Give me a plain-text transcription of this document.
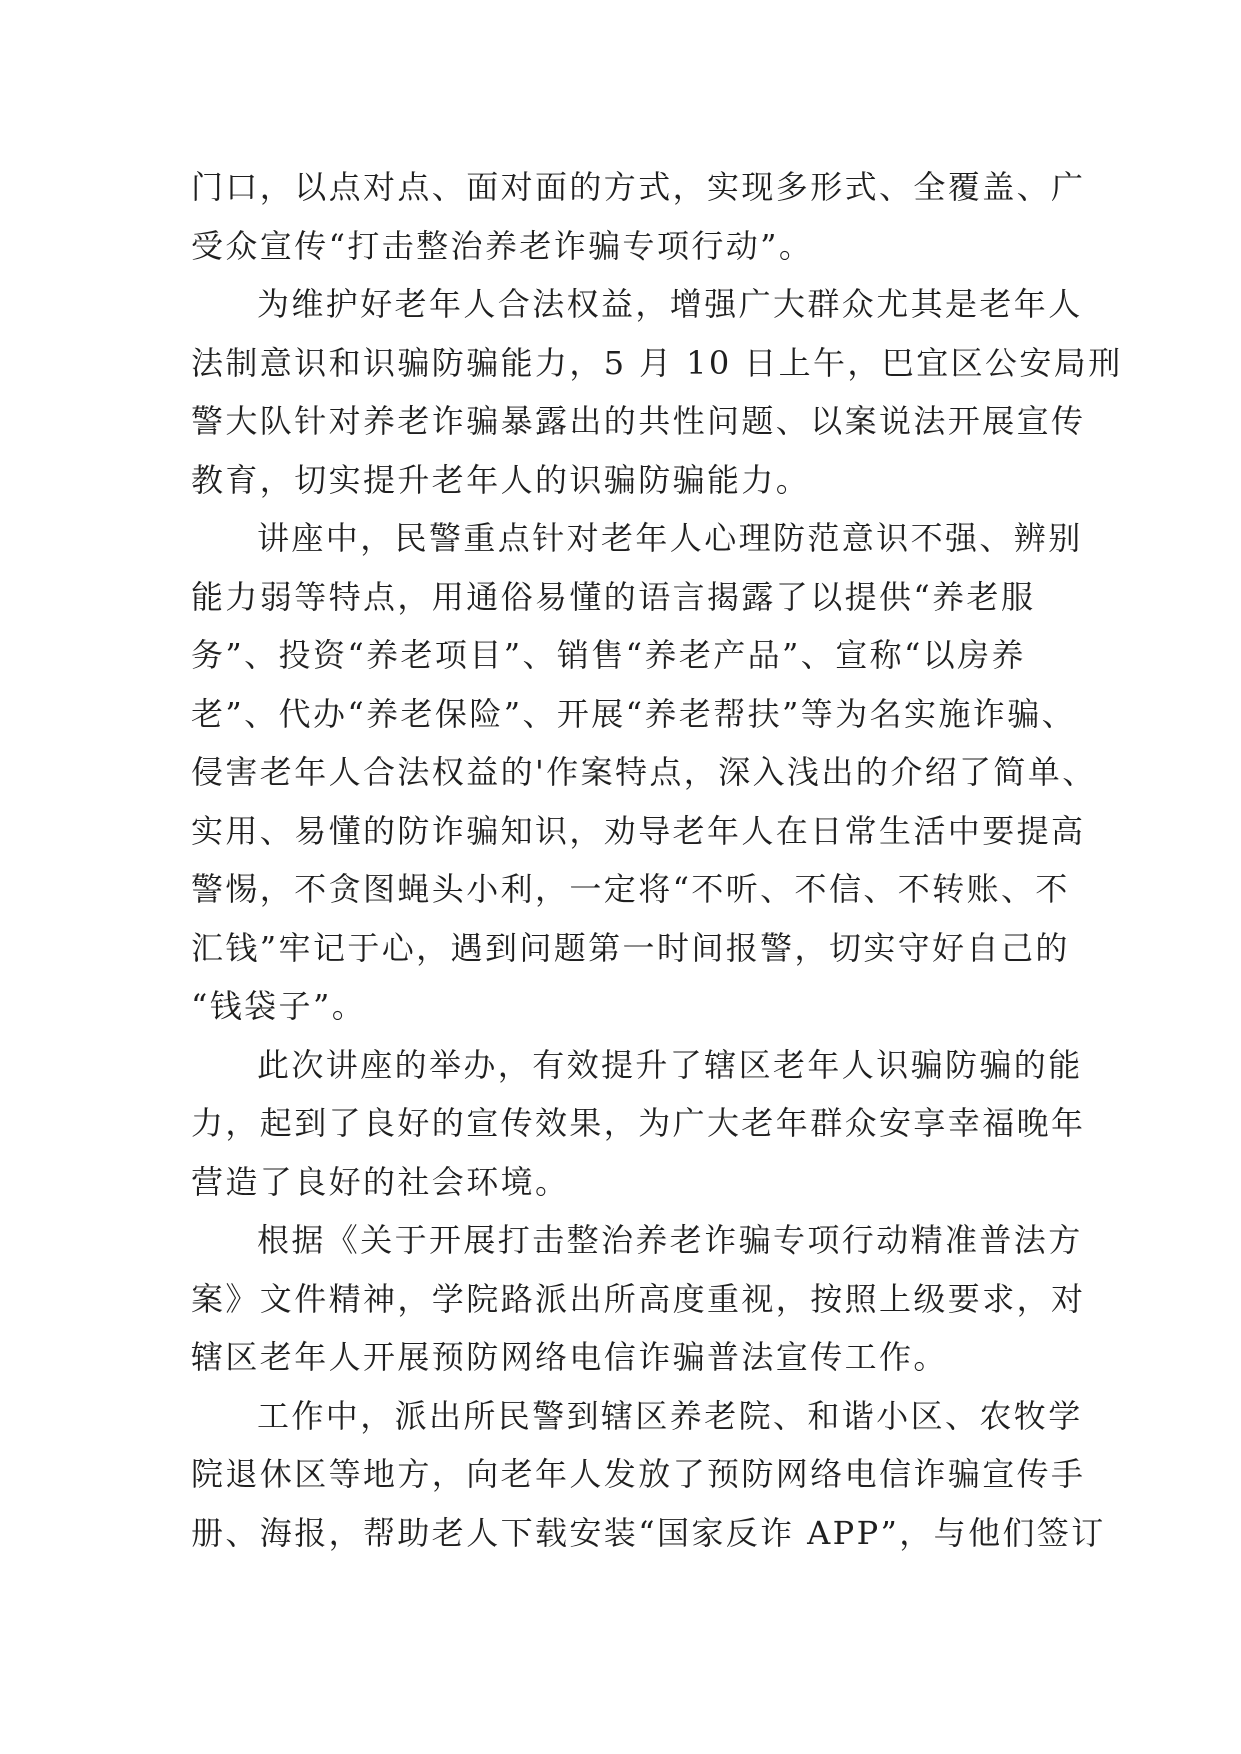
门口，以点对点、面对面的方式，实现多形式、全覆盖、广
受众宣传“打击整治养老诈骗专项行动”。
为维护好老年人合法权益，增强广大群众尤其是老年人
法制意识和识骗防骗能力，5 月 10 日上午，巴宜区公安局刑
警大队针对养老诈骗暴露出的共性问题、以案说法开展宣传
教育，切实提升老年人的识骗防骗能力。
讲座中，民警重点针对老年人心理防范意识不强、辨别
能力弱等特点，用通俗易懂的语言揭露了以提供“养老服
务”、投资“养老项目”、销售“养老产品”、宣称“以房养
老”、代办“养老保险”、开展“养老帮扶”等为名实施诈骗、
侵害老年人合法权益的'作案特点，深入浅出的介绍了简单、
实用、易懂的防诈骗知识，劝导老年人在日常生活中要提高
警惕，不贪图蝇头小利，一定将“不听、不信、不转账、不
汇钱”牢记于心，遇到问题第一时间报警，切实守好自己的
“钱袋子”。
此次讲座的举办，有效提升了辖区老年人识骗防骗的能
力，起到了良好的宣传效果，为广大老年群众安享幸福晚年
营造了良好的社会环境。
根据《关于开展打击整治养老诈骗专项行动精准普法方
案》文件精神，学院路派出所高度重视，按照上级要求，对
辖区老年人开展预防网络电信诈骗普法宣传工作。
工作中，派出所民警到辖区养老院、和谐小区、农牧学
院退休区等地方，向老年人发放了预防网络电信诈骗宣传手
册、海报，帮助老人下载安装“国家反诈 APP”，与他们签订
